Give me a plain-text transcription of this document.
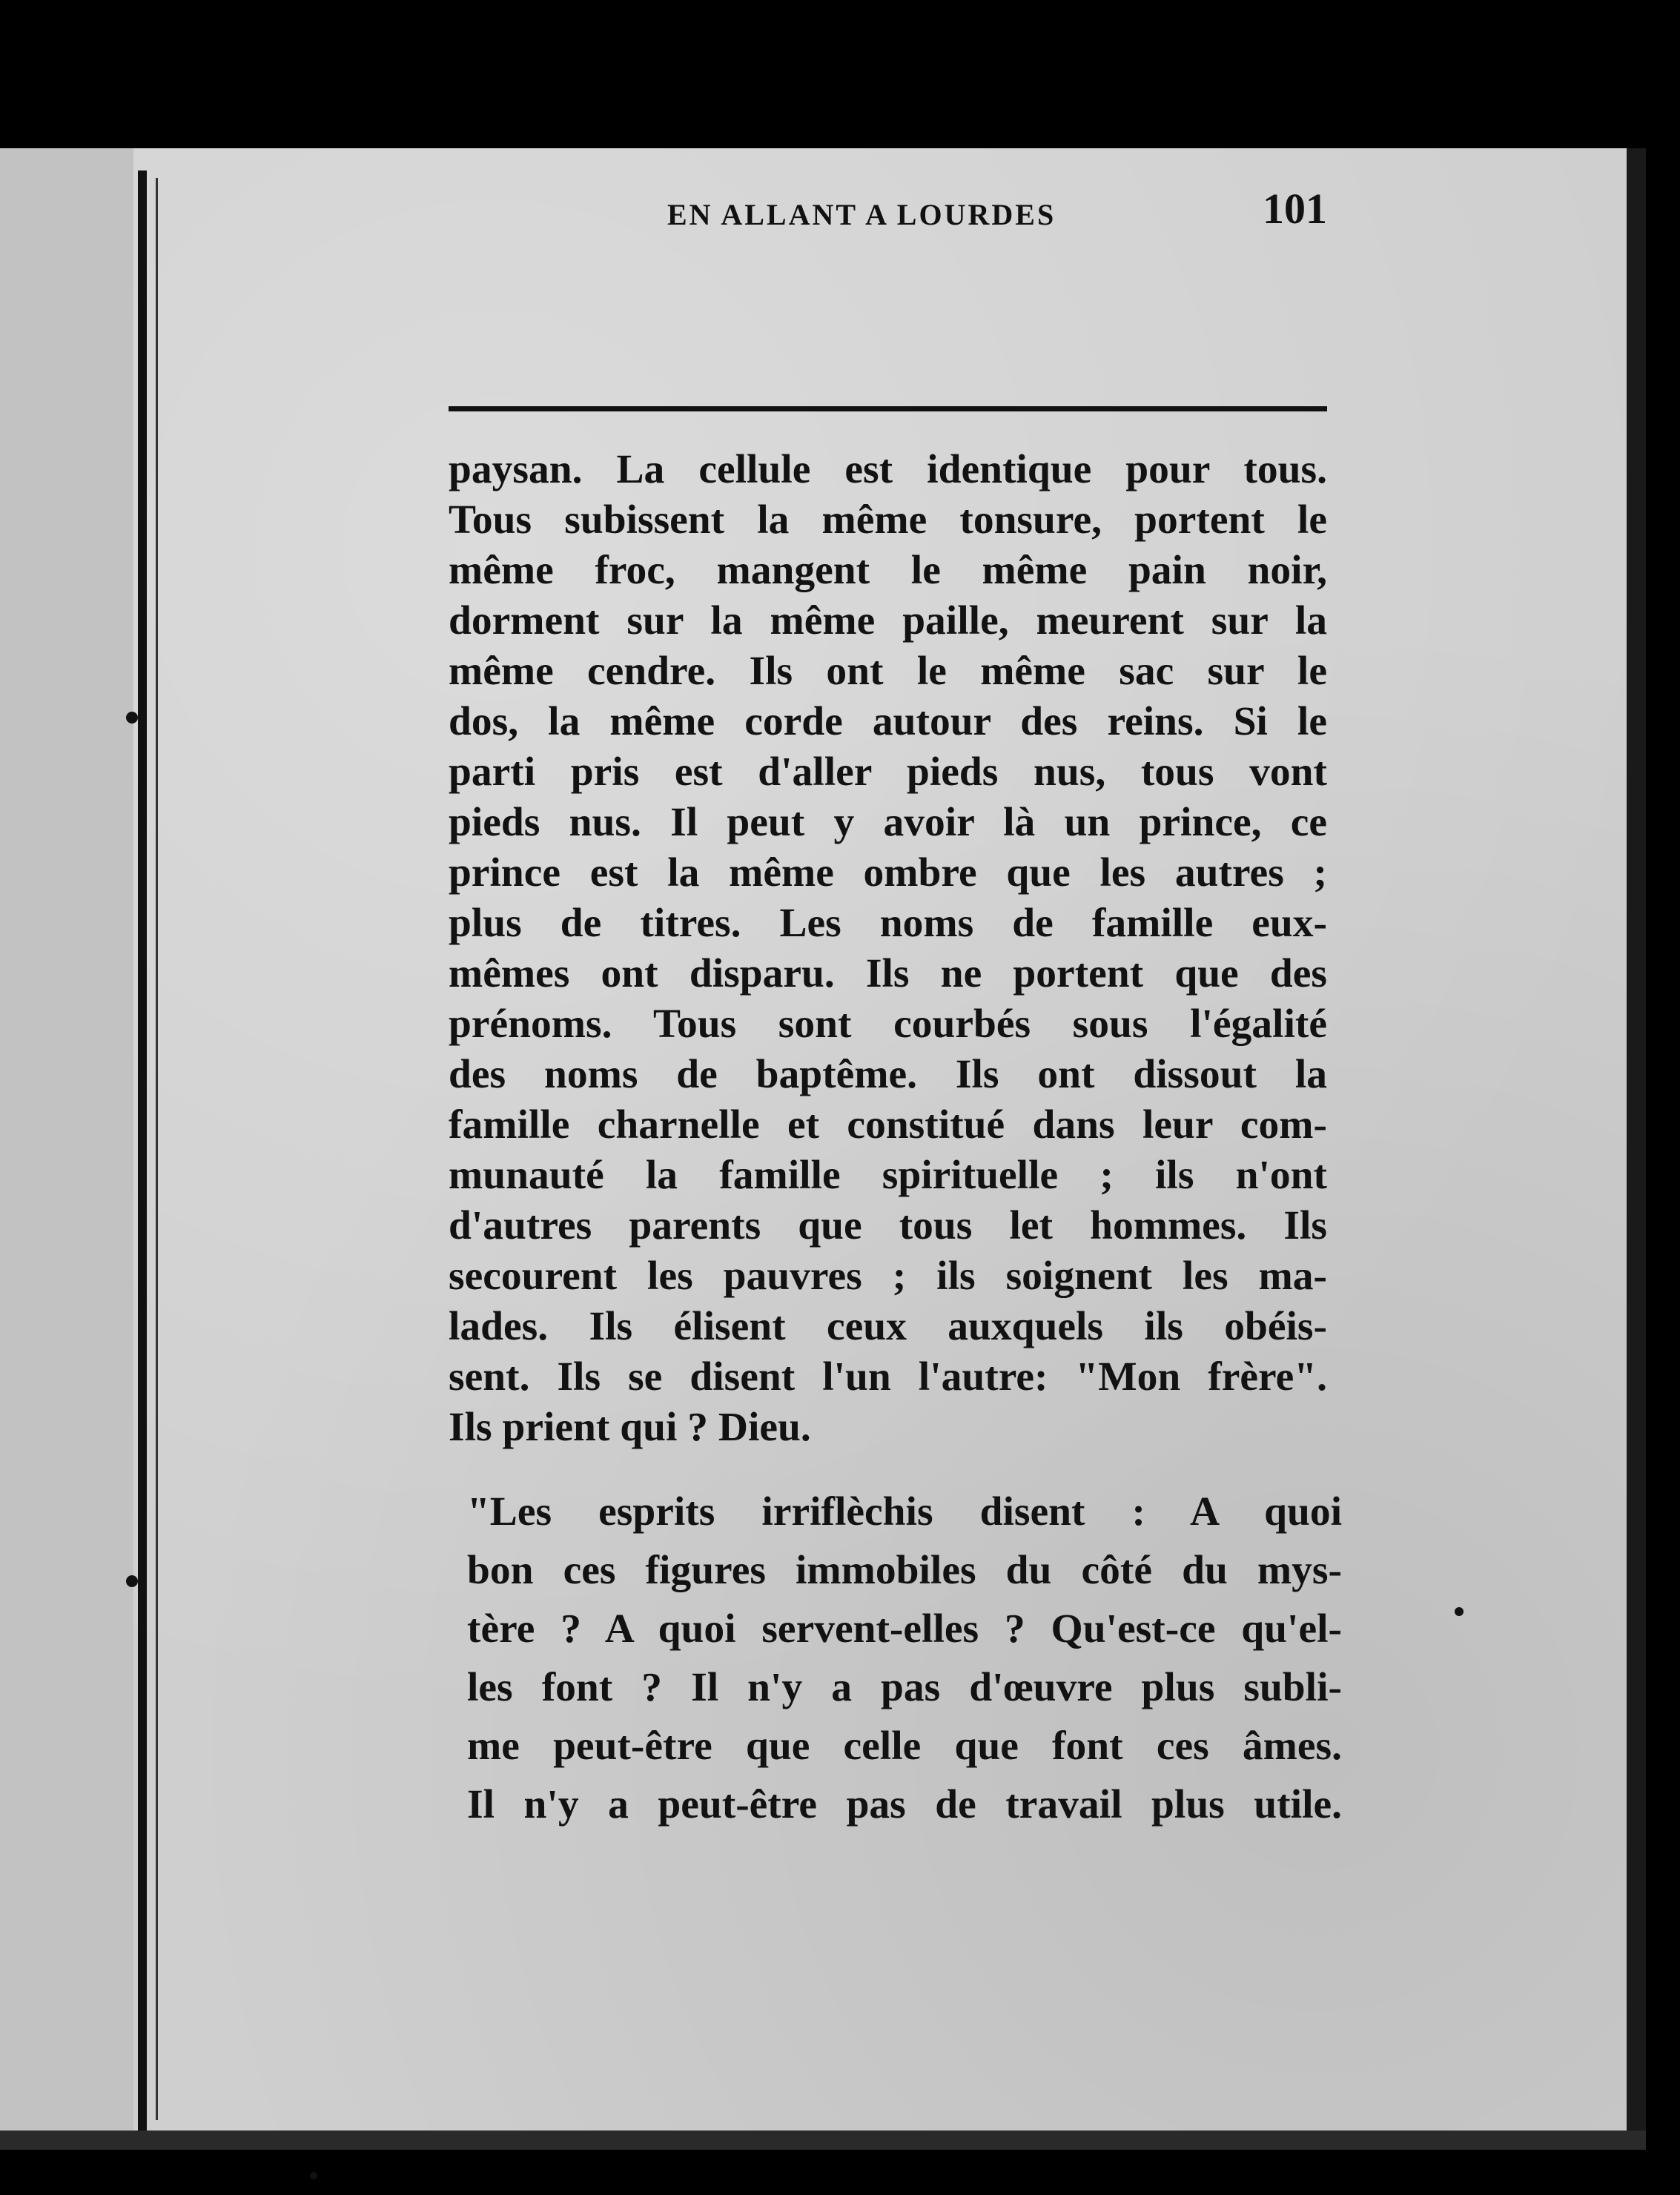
EN ALLANT A LOURDES	101
paysan. La cellule est identique pour tous.
Tous subissent la même tonsure, portent le
même froc, mangent le même pain noir,
dorment sur la même paille, meurent sur la
même cendre. Ils ont le même sac sur le
dos, la même corde autour des reins. Si le
parti pris est d'aller pieds nus, tous vont
pieds nus. Il peut y avoir là un prince, ce
prince est la même ombre que les autres ;
plus de titres. Les noms de famille eux-
mêmes ont disparu. Ils ne portent que des
prénoms. Tous sont courbés sous l'égalité
des noms de baptême. Ils ont dissout la
famille charnelle et constitué dans leur com-
munauté la famille spirituelle ; ils n'ont
d'autres parents que tous let hommes. Ils
secourent les pauvres ; ils soignent les ma-
lades. Ils élisent ceux auxquels ils obéis-
sent. Ils se disent l'un l'autre: "Mon frère".
Ils prient qui ? Dieu.
"Les esprits irriflèchis disent : A quoi
bon ces figures immobiles du côté du mys-
tère ? A quoi servent-elles ? Qu'est-ce qu'el-
les font ? Il n'y a pas d'œuvre plus subli-
me peut-être que celle que font ces âmes.
Il n'y a peut-être pas de travail plus utile.
